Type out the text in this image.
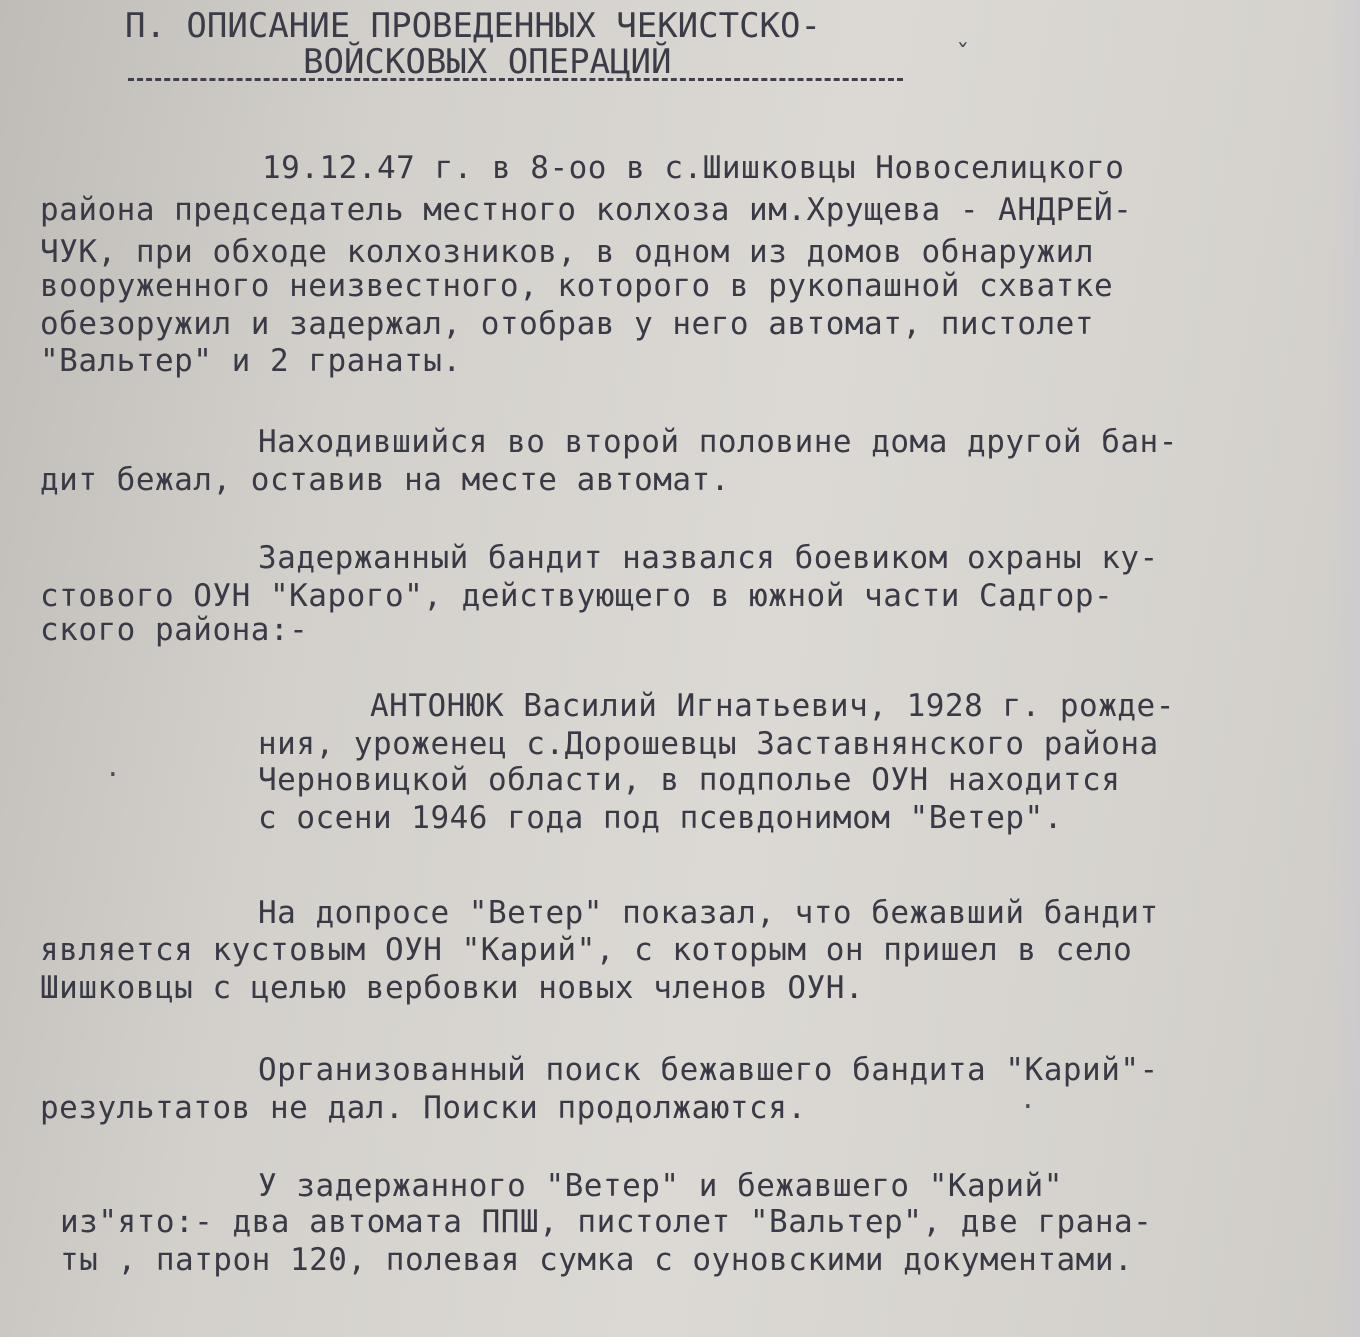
П. ОПИСАНИЕ ПРОВЕДЕННЫХ ЧЕКИСТСКО-

ВОЙСКОВЫХ ОПЕРАЦИЙ

19.12.47 г. в 8-оо в с.Шишковцы Новоселицкого
района председатель местного колхоза им.Хрущева - АНДРЕЙ-
ЧУК, при обходе колхозников, в одном из домов обнаружил
вооруженного неизвестного, которого в рукопашной схватке
обезоружил и задержал, отобрав у него автомат, пистолет
"Вальтер" и 2 гранаты.
Находившийся во второй половине дома другой бан-
дит бежал, оставив на месте автомат.
Задержанный бандит назвался боевиком охраны ку-
стового ОУН "Карого", действующего в южной части Садгор-
ского района:-
АНТОНЮК Василий Игнатьевич, 1928 г. рожде-
ния, уроженец с.Дорошевцы Заставнянского района
Черновицкой области, в подполье ОУН находится
с осени 1946 года под псевдонимом "Ветер".
На допросе "Ветер" показал, что бежавший бандит
является кустовым ОУН "Карий", с которым он пришел в село
Шишковцы с целью вербовки новых членов ОУН.
Организованный поиск бежавшего бандита "Карий"-
результатов не дал. Поиски продолжаются.
У задержанного "Ветер" и бежавшего "Карий"
из"ято:- два автомата ППШ, пистолет "Вальтер", две грана-
ты , патрон 120, полевая сумка с оуновскими документами.
ˇ
·
·
